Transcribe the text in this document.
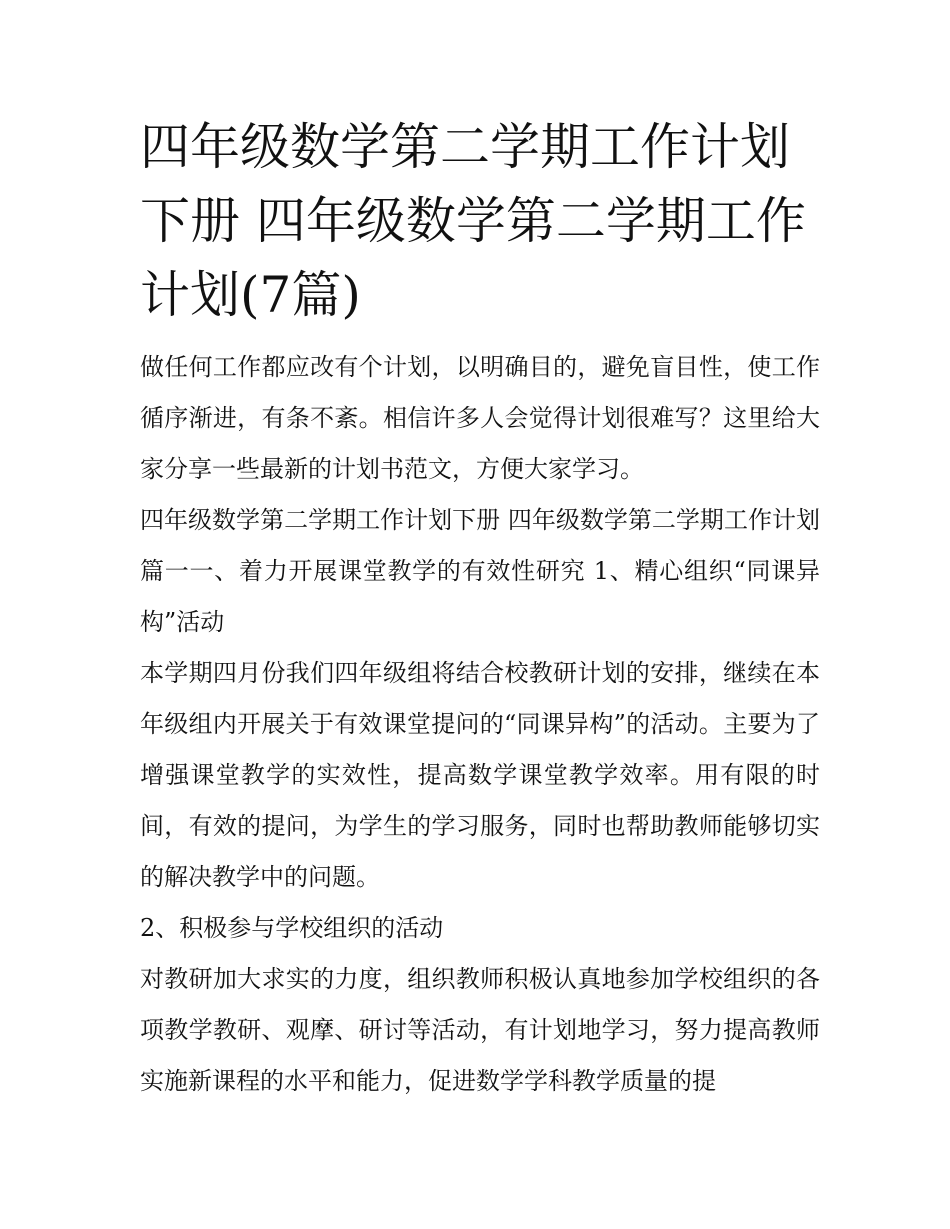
四年级数学第二学期工作计划下册 四年级数学第二学期工作计划(7篇)

做任何工作都应改有个计划，以明确目的，避免盲目性，使工作循序渐进，有条不紊。相信许多人会觉得计划很难写？这里给大家分享一些最新的计划书范文，方便大家学习。

四年级数学第二学期工作计划下册 四年级数学第二学期工作计划篇一一、着力开展课堂教学的有效性研究 1、精心组织“同课异构”活动

本学期四月份我们四年级组将结合校教研计划的安排，继续在本年级组内开展关于有效课堂提问的“同课异构”的活动。主要为了增强课堂教学的实效性，提高数学课堂教学效率。用有限的时间，有效的提问，为学生的学习服务，同时也帮助教师能够切实的解决教学中的问题。

2、积极参与学校组织的活动

对教研加大求实的力度，组织教师积极认真地参加学校组织的各项教学教研、观摩、研讨等活动，有计划地学习，努力提高教师实施新课程的水平和能力，促进数学学科教学质量的提
